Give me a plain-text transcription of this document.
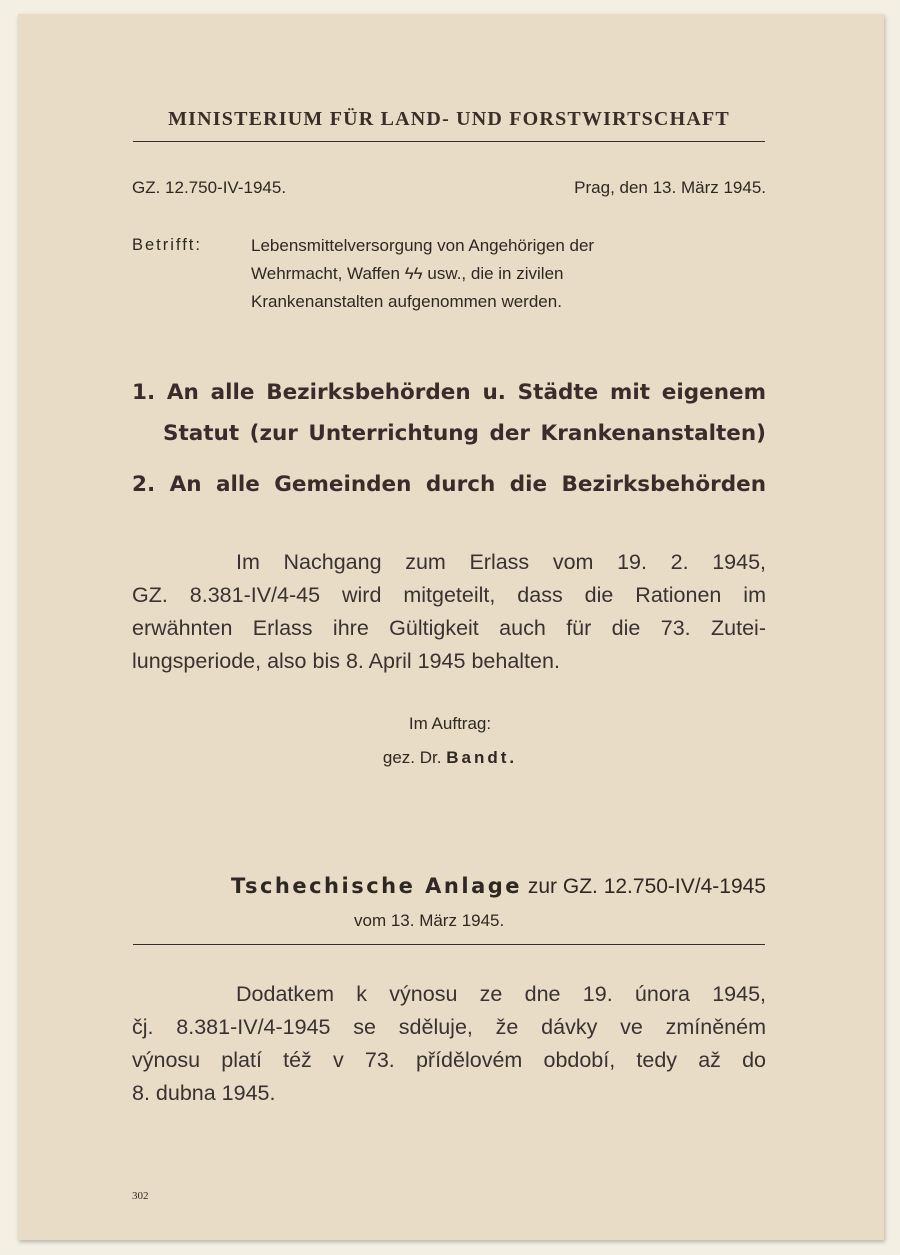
MINISTERIUM FÜR LAND- UND FORSTWIRTSCHAFT
GZ. 12.750-IV-1945.	Prag, den 13. März 1945.
Betrifft:	Lebensmittelversorgung von Angehörigen der
Wehrmacht, Waffen ϟϟ usw., die in zivilen
Krankenanstalten aufgenommen werden.
1. An alle Bezirksbehörden u. Städte mit eigenem
Statut (zur Unterrichtung der Krankenanstalten)
2. An alle Gemeinden durch die Bezirksbehörden
Im Nachgang zum Erlass vom 19. 2. 1945,
GZ. 8.381-IV/4-45 wird mitgeteilt, dass die Rationen im
erwähnten Erlass ihre Gültigkeit auch für die 73. Zutei-
lungsperiode, also bis 8. April 1945 behalten.
Im Auftrag:
gez. Dr. Bandt.
Tschechische Anlage zur GZ. 12.750-IV/4-1945
vom 13. März 1945.
Dodatkem k výnosu ze dne 19. února 1945,
čj. 8.381-IV/4-1945 se sděluje, že dávky ve zmíněném
výnosu platí též v 73. přídělovém období, tedy až do
8. dubna 1945.
302
